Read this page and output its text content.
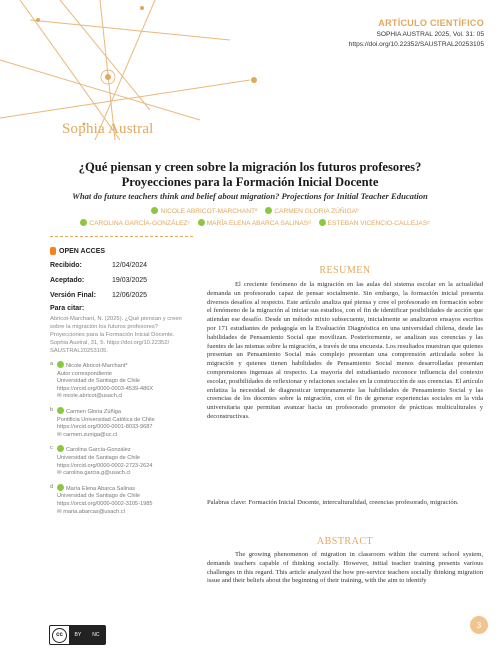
Sophia Austral
ARTÍCULO CIENTÍFICO
SOPHIA AUSTRAL 2025, Vol. 31: 05
https://doi.org/10.22352/SAUSTRAL20253105
¿Qué piensan y creen sobre la migración los futuros profesores?
Proyecciones para la Formación Inicial Docente
What do future teachers think and belief about migration? Projections for Initial Teacher Education
NICOLE ABRICOT-MARCHANTª	CARMEN GLORIA ZÚÑIGAᵇ
CAROLINA GARCÍA-GONZÁLEZᶜ	MARÍA ELENA ABARCA SALINASᵈ	ESTEBAN VICENCIO-CALLEJASᵉ
OPEN ACCES
Recibido:	12/04/2024
Aceptado:	19/03/2025
Versión Final:	12/06/2025
Para citar:
Abricot-Marchant, N. (2025). ¿Qué piensan y creen sobre la migración los futuros profesores? Proyecciones para la Formación Inicial Docente. Sophia Austral, 31, 5. https://doi.org/10.22352/ SAUSTRAL20253105.
a	Nicole Abricot-Marchant*
Autor correspondiente
Universidad de Santiago de Chile
https://orcid.org/0000-0003-4539-486X
✉ nicole.abricot@usach.cl
b	Carmen Gloria Zúñiga
Pontificia Universidad Católica de Chile
https://orcid.org/0000-0001-8033-9687
✉ carmen.zuniga@uc.cl
c	Carolina García-González
Universidad de Santiago de Chile
https://orcid.org/0000-0002-2723-2624
✉ carolina.garcia.g@usach.cl
d	María Elena Abarca Salinas
Universidad de Santiago de Chile
https://orcid.org/0000-0002-3105-1985
✉ maria.abarcas@usach.cl
RESUMEN
El creciente fenómeno de la migración en las aulas del sistema escolar en la actualidad demanda un profesorado capaz de pensar socialmente. Sin embargo, la formación inicial presenta diversos desafíos al respecto. Este artículo analiza qué piensa y cree el profesorado en formación sobre el fenómeno de la migración al iniciar sus estudios, con el fin de identificar posibilidades de acción que atiendan ese desafío. Desde un método mixto subsecuente, inicialmente se analizaron ensayos escritos por 171 estudiantes de pedagogía en la Evaluación Diagnóstica en una universidad chilena, desde las habilidades de Pensamiento Social que movilizan. Posteriormente, se analizan sus creencias y las fuentes de las mismas sobre la migración, a través de una encuesta. Los resultados muestran que quienes presentan un Pensamiento Social más complejo presentan una comprensión articulada sobre la migración y quienes tienen habilidades de Pensamiento Social menos desarrolladas presentan comprensiones ingenuas al respecto. La mayoría del estudiantado reconoce influencia del contexto escolar, posibilidades de reflexionar y relaciones sociales en la construcción de sus creencias. El artículo enfatiza la necesidad de diagnosticar tempranamente las habilidades de Pensamiento Social y las creencias de los docentes sobre la migración, con el fin de generar experiencias sociales en la vida universitaria que permitan avanzar hacia un profesorado promotor de prácticas multiculturales y deconstructivas.
Palabras clave: Formación Inicial Docente, interculturalidad, creencias profesorado, migración.
ABSTRACT
The growing phenomenon of migration in classroom within the current school system, demands teachers capable of thinking socially. However, initial teacher training presents various challenges in this regard. This article analyzed the how pre-service teachers socially thinking migration issue and their beliefs about the beginning of their training, with the aim to identify
cc	BY NC
3
